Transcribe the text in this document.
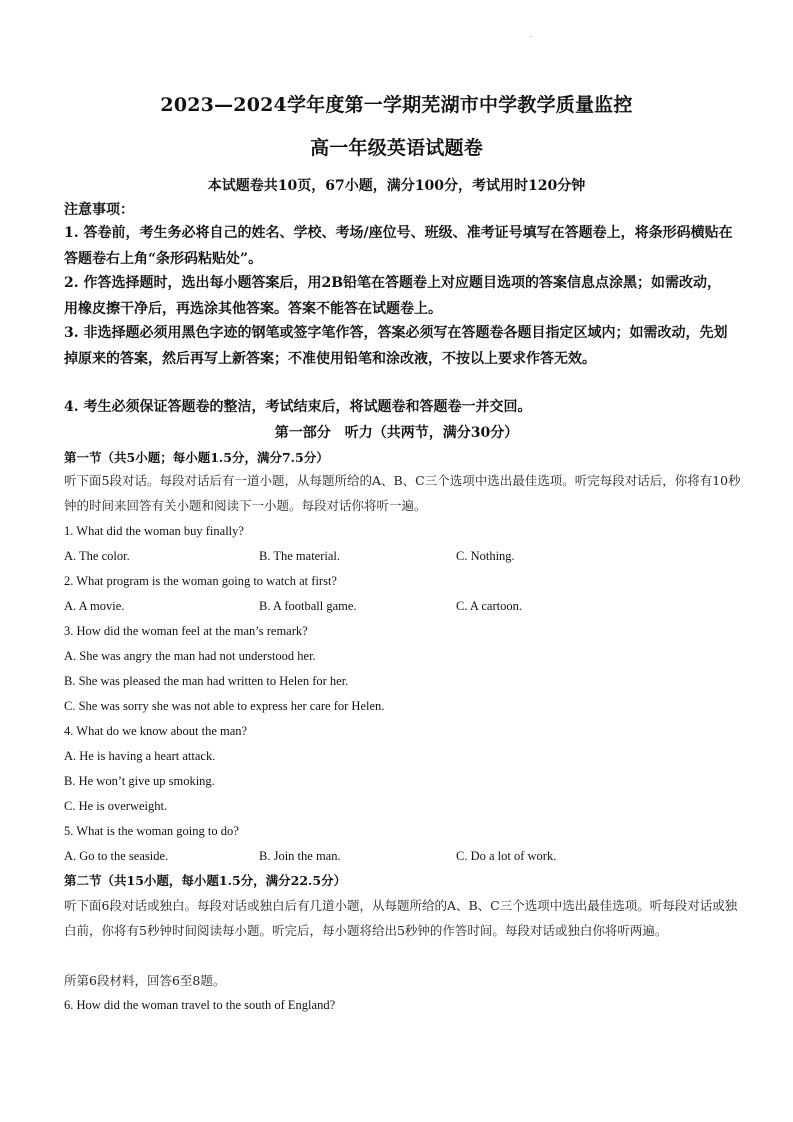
2023—2024学年度第一学期芜湖市中学教学质量监控
高一年级英语试题卷
本试题卷共10页，67小题，满分100分，考试用时120分钟
注意事项：
1. 答卷前，考生务必将自己的姓名、学校、考场/座位号、班级、准考证号填写在答题卷上，将条形码横贴在答题卷右上角“条形码粘贴处”。
2. 作答选择题时，选出每小题答案后，用2B铅笔在答题卷上对应题目选项的答案信息点涂黑；如需改动，用橡皮擦干净后，再选涂其他答案。答案不能答在试题卷上。
3. 非选择题必须用黑色字迹的钢笔或签字笔作答，答案必须写在答题卷各题目指定区域内；如需改动，先划掉原来的答案，然后再写上新答案；不准使用铅笔和涂改液，不按以上要求作答无效。
4. 考生必须保证答题卷的整洁，考试结束后，将试题卷和答题卷一并交回。
第一部分　听力（共两节，满分30分）
第一节（共5小题；每小题1.5分，满分7.5分）
听下面5段对话。每段对话后有一道小题，从每题所给的A、B、C三个选项中选出最佳选项。听完每段对话后，你将有10秒钟的时间来回答有关小题和阅读下一小题。每段对话你将听一遍。
1. What did the woman buy finally?
A. The color.	B. The material.	C. Nothing.
2. What program is the woman going to watch at first?
A. A movie.	B. A football game.	C. A cartoon.
3. How did the woman feel at the man’s remark?
A. She was angry the man had not understood her.
B. She was pleased the man had written to Helen for her.
C. She was sorry she was not able to express her care for Helen.
4. What do we know about the man?
A. He is having a heart attack.
B. He won’t give up smoking.
C. He is overweight.
5. What is the woman going to do?
A. Go to the seaside.	B. Join the man.	C. Do a lot of work.
第二节（共15小题，每小题1.5分，满分22.5分）
听下面6段对话或独白。每段对话或独白后有几道小题，从每题所给的A、B、C三个选项中选出最佳选项。听每段对话或独白前，你将有5秒钟时间阅读每小题。听完后，每小题将给出5秒钟的作答时间。每段对话或独白你将听两遍。
所第6段材料，回答6至8题。
6. How did the woman travel to the south of England?
